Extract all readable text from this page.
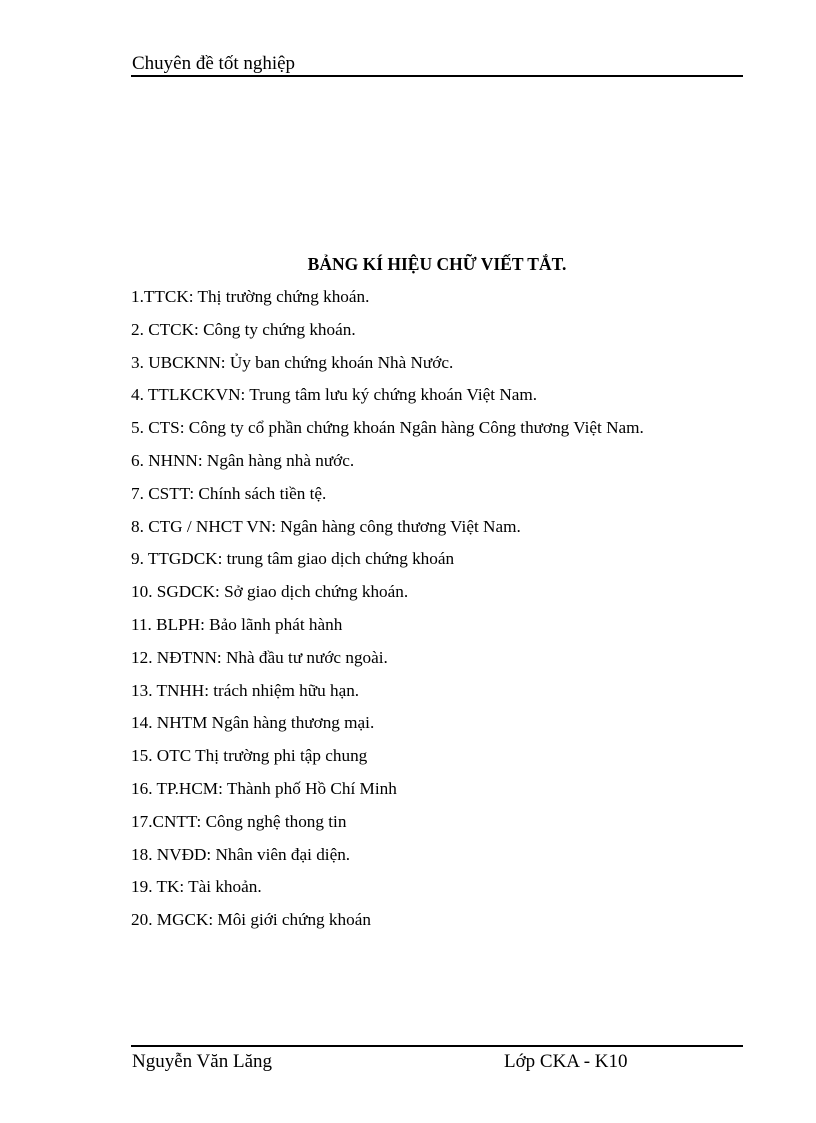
Chuyên đề tốt nghiệp
BẢNG KÍ HIỆU CHỮ VIẾT TẮT.
1.TTCK: Thị trường chứng khoán.
2. CTCK: Công ty chứng khoán.
3. UBCKNN: Ủy ban chứng khoán Nhà Nước.
4. TTLKCKVN: Trung tâm lưu ký chứng khoán Việt Nam.
5. CTS: Công ty cổ phần chứng khoán Ngân hàng Công thương Việt Nam.
6. NHNN: Ngân hàng nhà nước.
7. CSTT: Chính sách tiền tệ.
8. CTG / NHCT VN: Ngân hàng công thương Việt Nam.
9. TTGDCK: trung tâm giao dịch chứng khoán
10. SGDCK: Sở giao dịch chứng khoán.
11. BLPH: Bảo lãnh phát hành
12. NĐTNN: Nhà đầu tư nước ngoài.
13. TNHH: trách nhiệm hữu hạn.
14. NHTM Ngân hàng thương mại.
15. OTC Thị trường phi tập chung
16. TP.HCM: Thành phố Hồ Chí Minh
17.CNTT: Công nghệ thong tin
18. NVĐD: Nhân viên đại diện.
19. TK: Tài khoản.
20. MGCK: Môi giới chứng khoán
Nguyễn Văn Lăng	Lớp CKA - K10
